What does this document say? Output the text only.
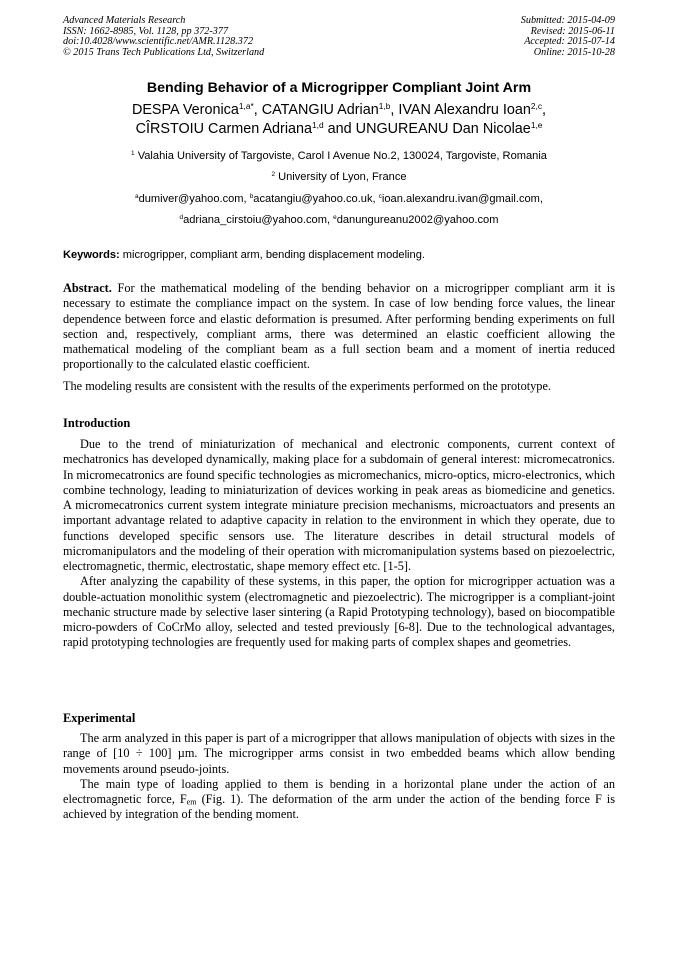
Advanced Materials Research
ISSN: 1662-8985, Vol. 1128, pp 372-377
doi:10.4028/www.scientific.net/AMR.1128.372
© 2015 Trans Tech Publications Ltd, Switzerland
Submitted: 2015-04-09
Revised: 2015-06-11
Accepted: 2015-07-14
Online: 2015-10-28
Bending Behavior of a Microgripper Compliant Joint Arm
DESPA Veronica$^{1,a*}$, CATANGIU Adrian$^{1,b}$, IVAN Alexandru Ioan$^{2,c}$,
CÎRSTOIU Carmen Adriana$^{1,d}$ and UNGUREANU Dan Nicolae$^{1,e}$
$^1$ Valahia University of Targoviste, Carol I Avenue No.2, 130024, Targoviste, Romania
$^2$ University of Lyon, France
$^a$dumiver@yahoo.com, $^b$acatangiu@yahoo.co.uk, $^c$ioan.alexandru.ivan@gmail.com,
$^d$adriana_cirstoiu@yahoo.com, $^e$danungureanu2002@yahoo.com
Keywords: microgripper, compliant arm, bending displacement modeling.

Abstract. For the mathematical modeling of the bending behavior on a microgripper compliant arm it is necessary to estimate the compliance impact on the system. In case of low bending force values, the linear dependence between force and elastic deformation is presumed. After performing bending experiments on full section and, respectively, compliant arms, there was determined an elastic coefficient allowing the mathematical modeling of the compliant beam as a full section beam and a moment of inertia reduced proportionally to the calculated elastic coefficient.

The modeling results are consistent with the results of the experiments performed on the prototype.
Introduction

Due to the trend of miniaturization of mechanical and electronic components, current context of mechatronics has developed dynamically, making place for a subdomain of general interest: micromecatronics. In micromecatronics are found specific technologies as micromechanics, micro-optics, micro-electronics, which combine technology, leading to miniaturization of devices working in peak areas as biomedicine and genetics. A micromecatronics current system integrate miniature precision mechanisms, microactuators and presents an important advantage related to adaptive capacity in relation to the environment in which they operate, due to functions developed specific sensors use. The literature describes in detail structural models of micromanipulators and the modeling of their operation with micromanipulation systems based on piezoelectric, electromagnetic, thermic, electrostatic, shape memory effect etc. [1-5].

After analyzing the capability of these systems, in this paper, the option for microgripper actuation was a double-actuation monolithic system (electromagnetic and piezoelectric). The microgripper is a compliant-joint mechanic structure made by selective laser sintering (a Rapid Prototyping technology), based on biocompatible micro-powders of CoCrMo alloy, selected and tested previously [6-8]. Due to the technological advantages, rapid prototyping technologies are frequently used for making parts of complex shapes and geometries.

Experimental

The arm analyzed in this paper is part of a microgripper that allows manipulation of objects with sizes in the range of [10 ÷ 100] µm. The microgripper arms consist in two embedded beams which allow bending movements around pseudo-joints.

The main type of loading applied to them is bending in a horizontal plane under the action of an electromagnetic force, $F_{em}$ (Fig. 1). The deformation of the arm under the action of the bending force F is achieved by integration of the bending moment.
